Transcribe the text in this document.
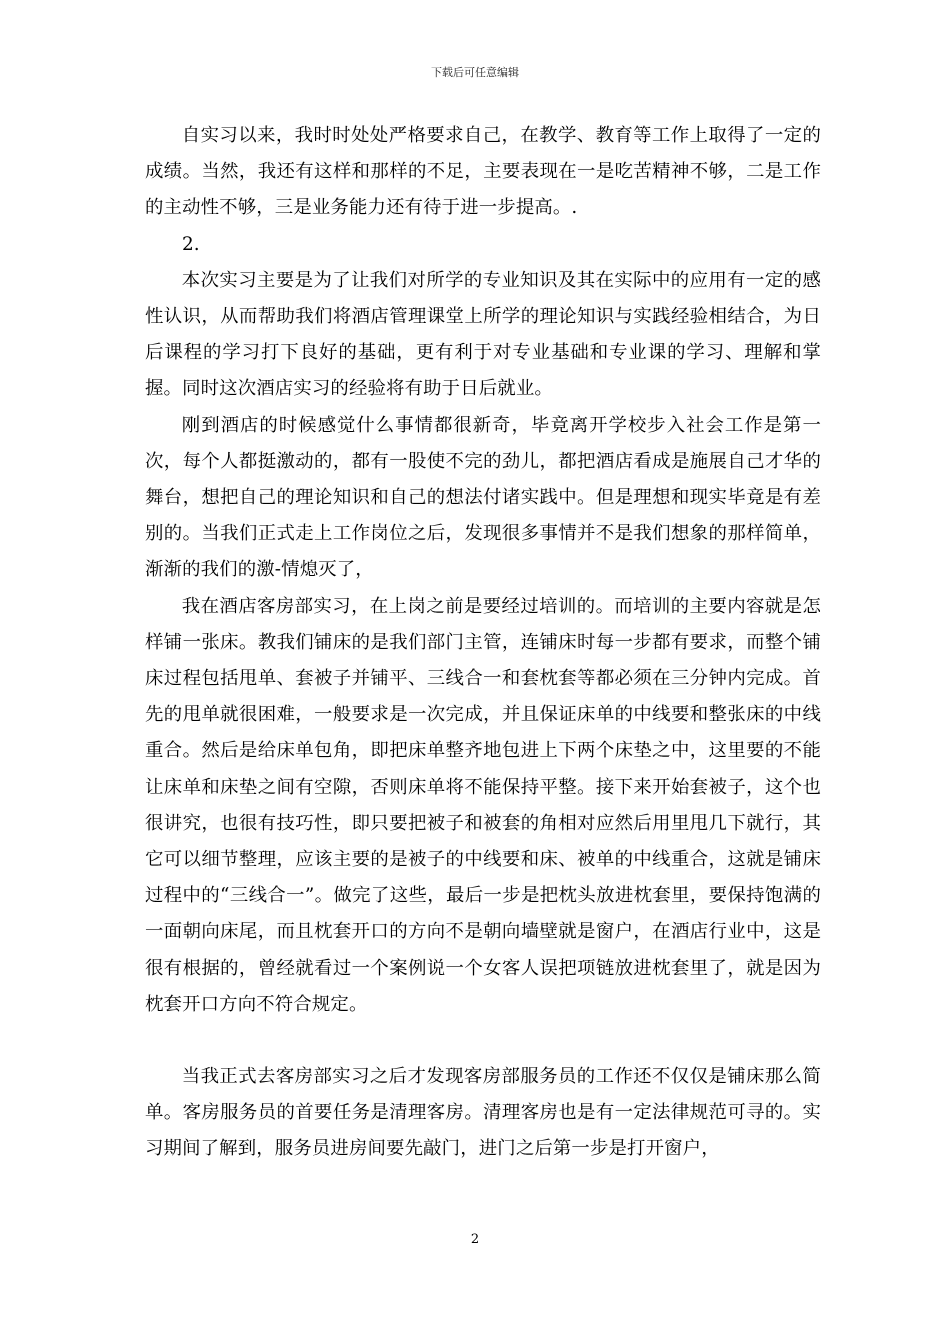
下载后可任意编辑

自实习以来，我时时处处严格要求自己，在教学、教育等工作上取得了一定的成绩。当然，我还有这样和那样的不足，主要表现在一是吃苦精神不够，二是工作的主动性不够，三是业务能力还有待于进一步提高。.

2.

本次实习主要是为了让我们对所学的专业知识及其在实际中的应用有一定的感性认识，从而帮助我们将酒店管理课堂上所学的理论知识与实践经验相结合，为日后课程的学习打下良好的基础，更有利于对专业基础和专业课的学习、理解和掌握。同时这次酒店实习的经验将有助于日后就业。

刚到酒店的时候感觉什么事情都很新奇，毕竟离开学校步入社会工作是第一次，每个人都挺激动的，都有一股使不完的劲儿，都把酒店看成是施展自己才华的舞台，想把自己的理论知识和自己的想法付诸实践中。但是理想和现实毕竟是有差别的。当我们正式走上工作岗位之后，发现很多事情并不是我们想象的那样简单，渐渐的我们的激-情熄灭了，

我在酒店客房部实习，在上岗之前是要经过培训的。而培训的主要内容就是怎样铺一张床。教我们铺床的是我们部门主管，连铺床时每一步都有要求，而整个铺床过程包括甩单、套被子并铺平、三线合一和套枕套等都必须在三分钟内完成。首先的甩单就很困难，一般要求是一次完成，并且保证床单的中线要和整张床的中线重合。然后是给床单包角，即把床单整齐地包进上下两个床垫之中，这里要的不能让床单和床垫之间有空隙，否则床单将不能保持平整。接下来开始套被子，这个也很讲究，也很有技巧性，即只要把被子和被套的角相对应然后用里甩几下就行，其它可以细节整理，应该主要的是被子的中线要和床、被单的中线重合，这就是铺床过程中的“三线合一”。做完了这些，最后一步是把枕头放进枕套里，要保持饱满的一面朝向床尾，而且枕套开口的方向不是朝向墙壁就是窗户，在酒店行业中，这是很有根据的，曾经就看过一个案例说一个女客人误把项链放进枕套里了，就是因为枕套开口方向不符合规定。

当我正式去客房部实习之后才发现客房部服务员的工作还不仅仅是铺床那么简单。客房服务员的首要任务是清理客房。清理客房也是有一定法律规范可寻的。实习期间了解到，服务员进房间要先敲门，进门之后第一步是打开窗户，

2
